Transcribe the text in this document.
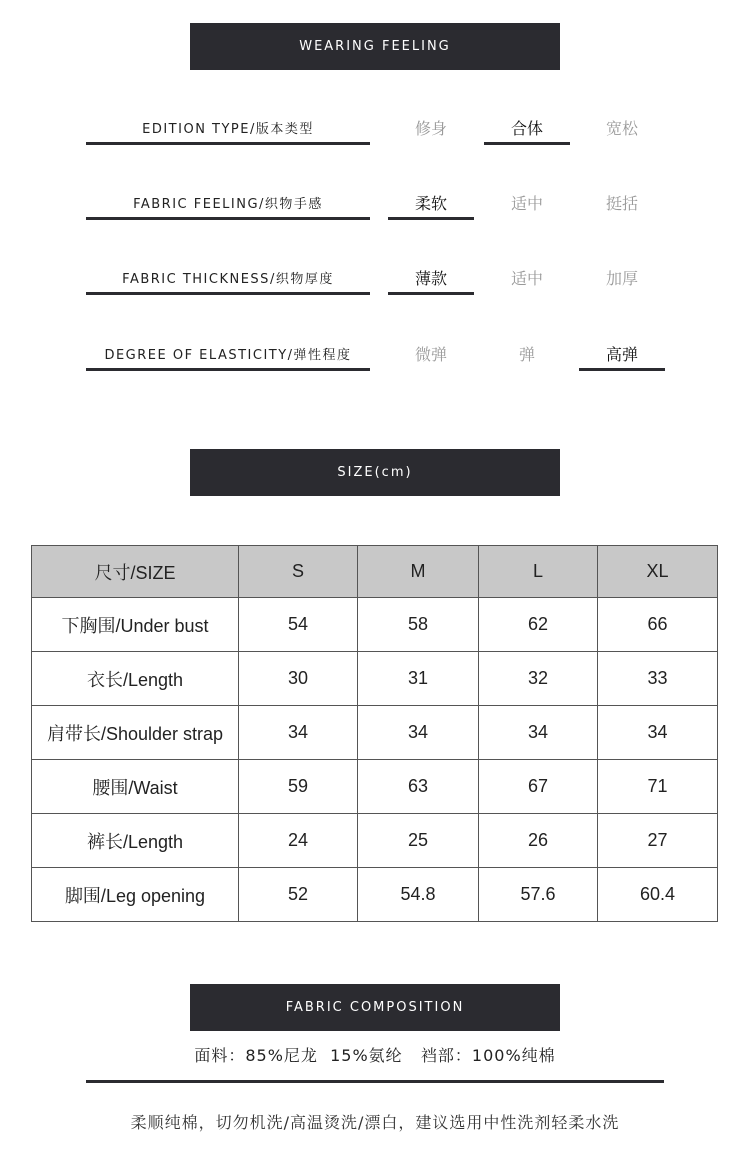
WEARING FEELING
EDITION TYPE/版本类型	修身	合体	宽松
FABRIC FEELING/织物手感	柔软	适中	挺括
FABRIC THICKNESS/织物厚度	薄款	适中	加厚
DEGREE OF ELASTICITY/弹性程度	微弹	弹	高弹
SIZE(cm)
尺寸/SIZE	S	M	L	XL
下胸围/Under bust	54	58	62	66
衣长/Length	30	31	32	33
肩带长/Shoulder strap	34	34	34	34
腰围/Waist	59	63	67	71
裤长/Length	24	25	26	27
脚围/Leg opening	52	54.8	57.6	60.4
FABRIC COMPOSITION
面料：85%尼龙  15%氨纶   裆部：100%纯棉
柔顺纯棉，切勿机洗/高温烫洗/漂白，建议选用中性洗剂轻柔水洗
